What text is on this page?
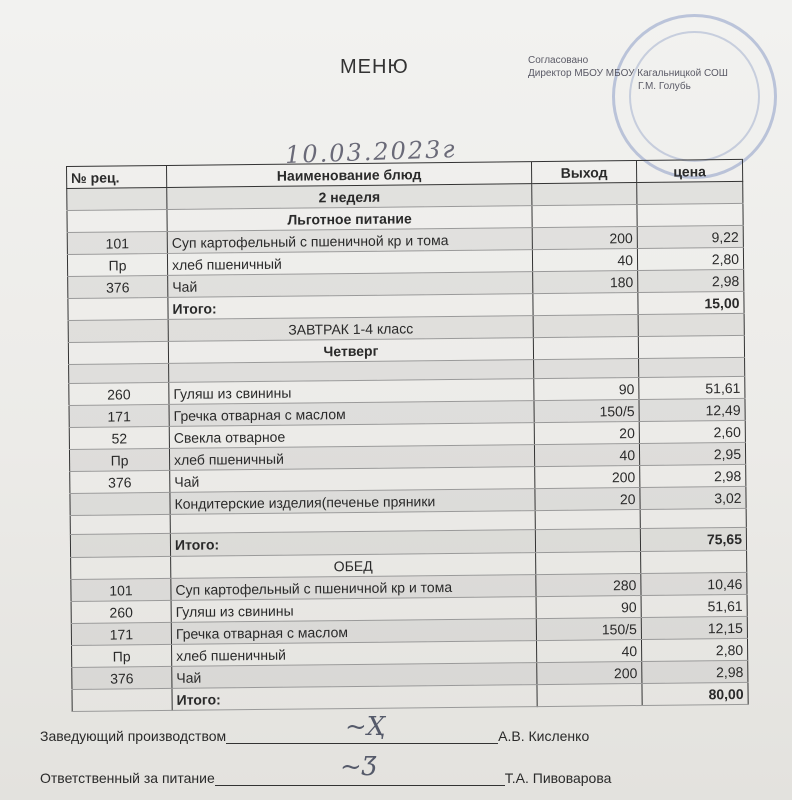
МЕНЮ	Согласовано
Директор МБОУ МБОУ Кагальницкой СОШ
Г.М. Голубь
10.03.2023г
№ рец.	Наименование блюд	Выход	цена
	2 неделя		
	Льготное питание		
101	Суп картофельный с пшеничной кр и тома	200	9,22
Пр	хлеб пшеничный	40	2,80
376	Чай	180	2,98
	Итого:		15,00
	ЗАВТРАК 1-4 класс		
	Четверг		

260	Гуляш из свинины	90	51,61
171	Гречка отварная с маслом	150/5	12,49
52	Свекла отварное	20	2,60
Пр	хлеб пшеничный	40	2,95
376	Чай	200	2,98
	Кондитерские изделия(печенье пряники	20	3,02

	Итого:		75,65
	ОБЕД		
101	Суп картофельный с пшеничной кр и тома	280	10,46
260	Гуляш из свинины	90	51,61
171	Гречка отварная с маслом	150/5	12,15
Пр	хлеб пшеничный	40	2,80
376	Чай	200	2,98
	Итого:		80,00
Заведующий производством	А.В. Кисленко
~Ҳ
Ответственный за питание	Т.А. Пивоварова
~Ӡ
